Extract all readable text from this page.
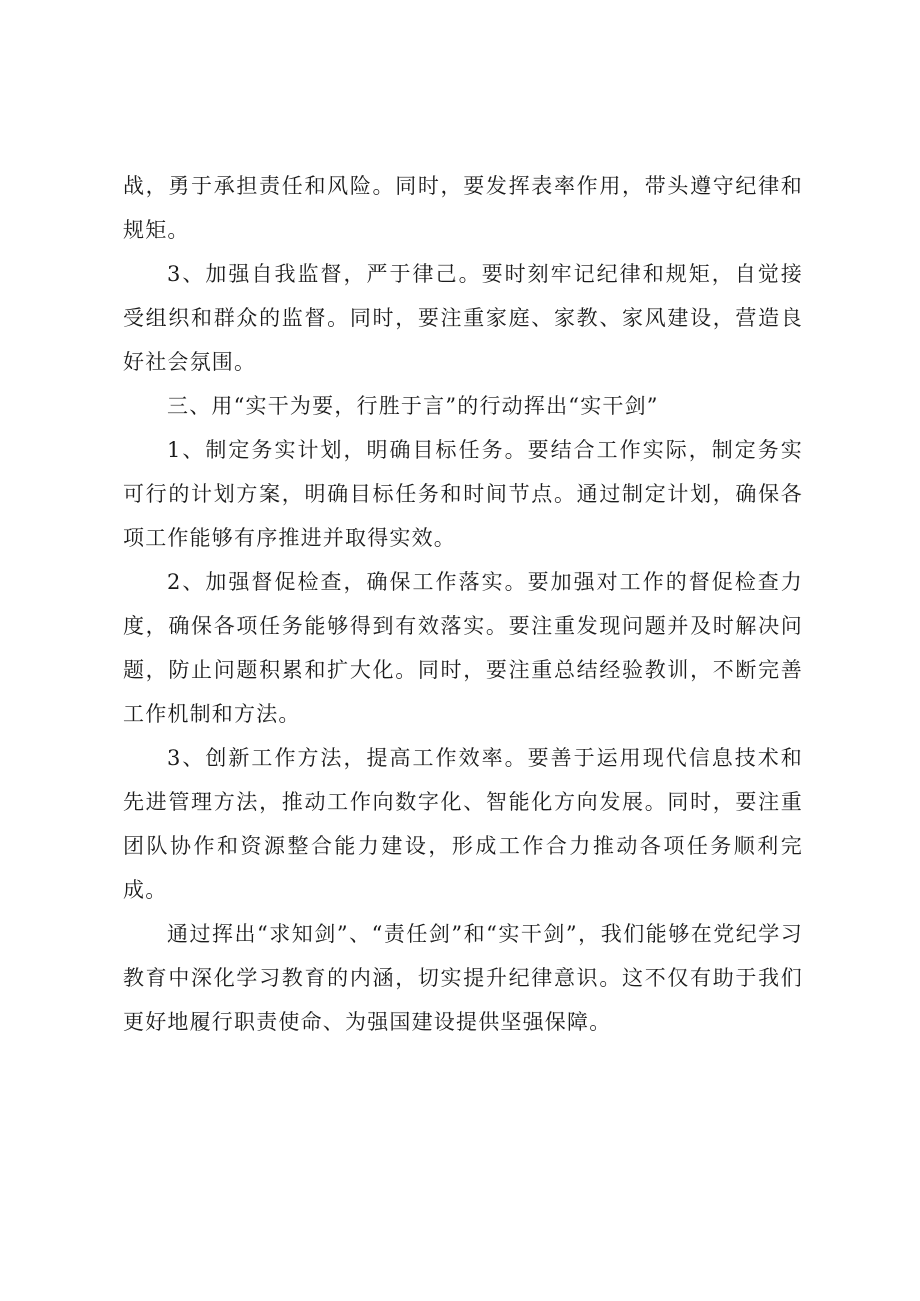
战，勇于承担责任和风险。同时，要发挥表率作用，带头遵守纪律和规矩。

3、加强自我监督，严于律己。要时刻牢记纪律和规矩，自觉接受组织和群众的监督。同时，要注重家庭、家教、家风建设，营造良好社会氛围。

三、用“实干为要，行胜于言”的行动挥出“实干剑”

1、制定务实计划，明确目标任务。要结合工作实际，制定务实可行的计划方案，明确目标任务和时间节点。通过制定计划，确保各项工作能够有序推进并取得实效。

2、加强督促检查，确保工作落实。要加强对工作的督促检查力度，确保各项任务能够得到有效落实。要注重发现问题并及时解决问题，防止问题积累和扩大化。同时，要注重总结经验教训，不断完善工作机制和方法。

3、创新工作方法，提高工作效率。要善于运用现代信息技术和先进管理方法，推动工作向数字化、智能化方向发展。同时，要注重团队协作和资源整合能力建设，形成工作合力推动各项任务顺利完成。

通过挥出“求知剑”、“责任剑”和“实干剑”，我们能够在党纪学习教育中深化学习教育的内涵，切实提升纪律意识。这不仅有助于我们更好地履行职责使命、为强国建设提供坚强保障。
